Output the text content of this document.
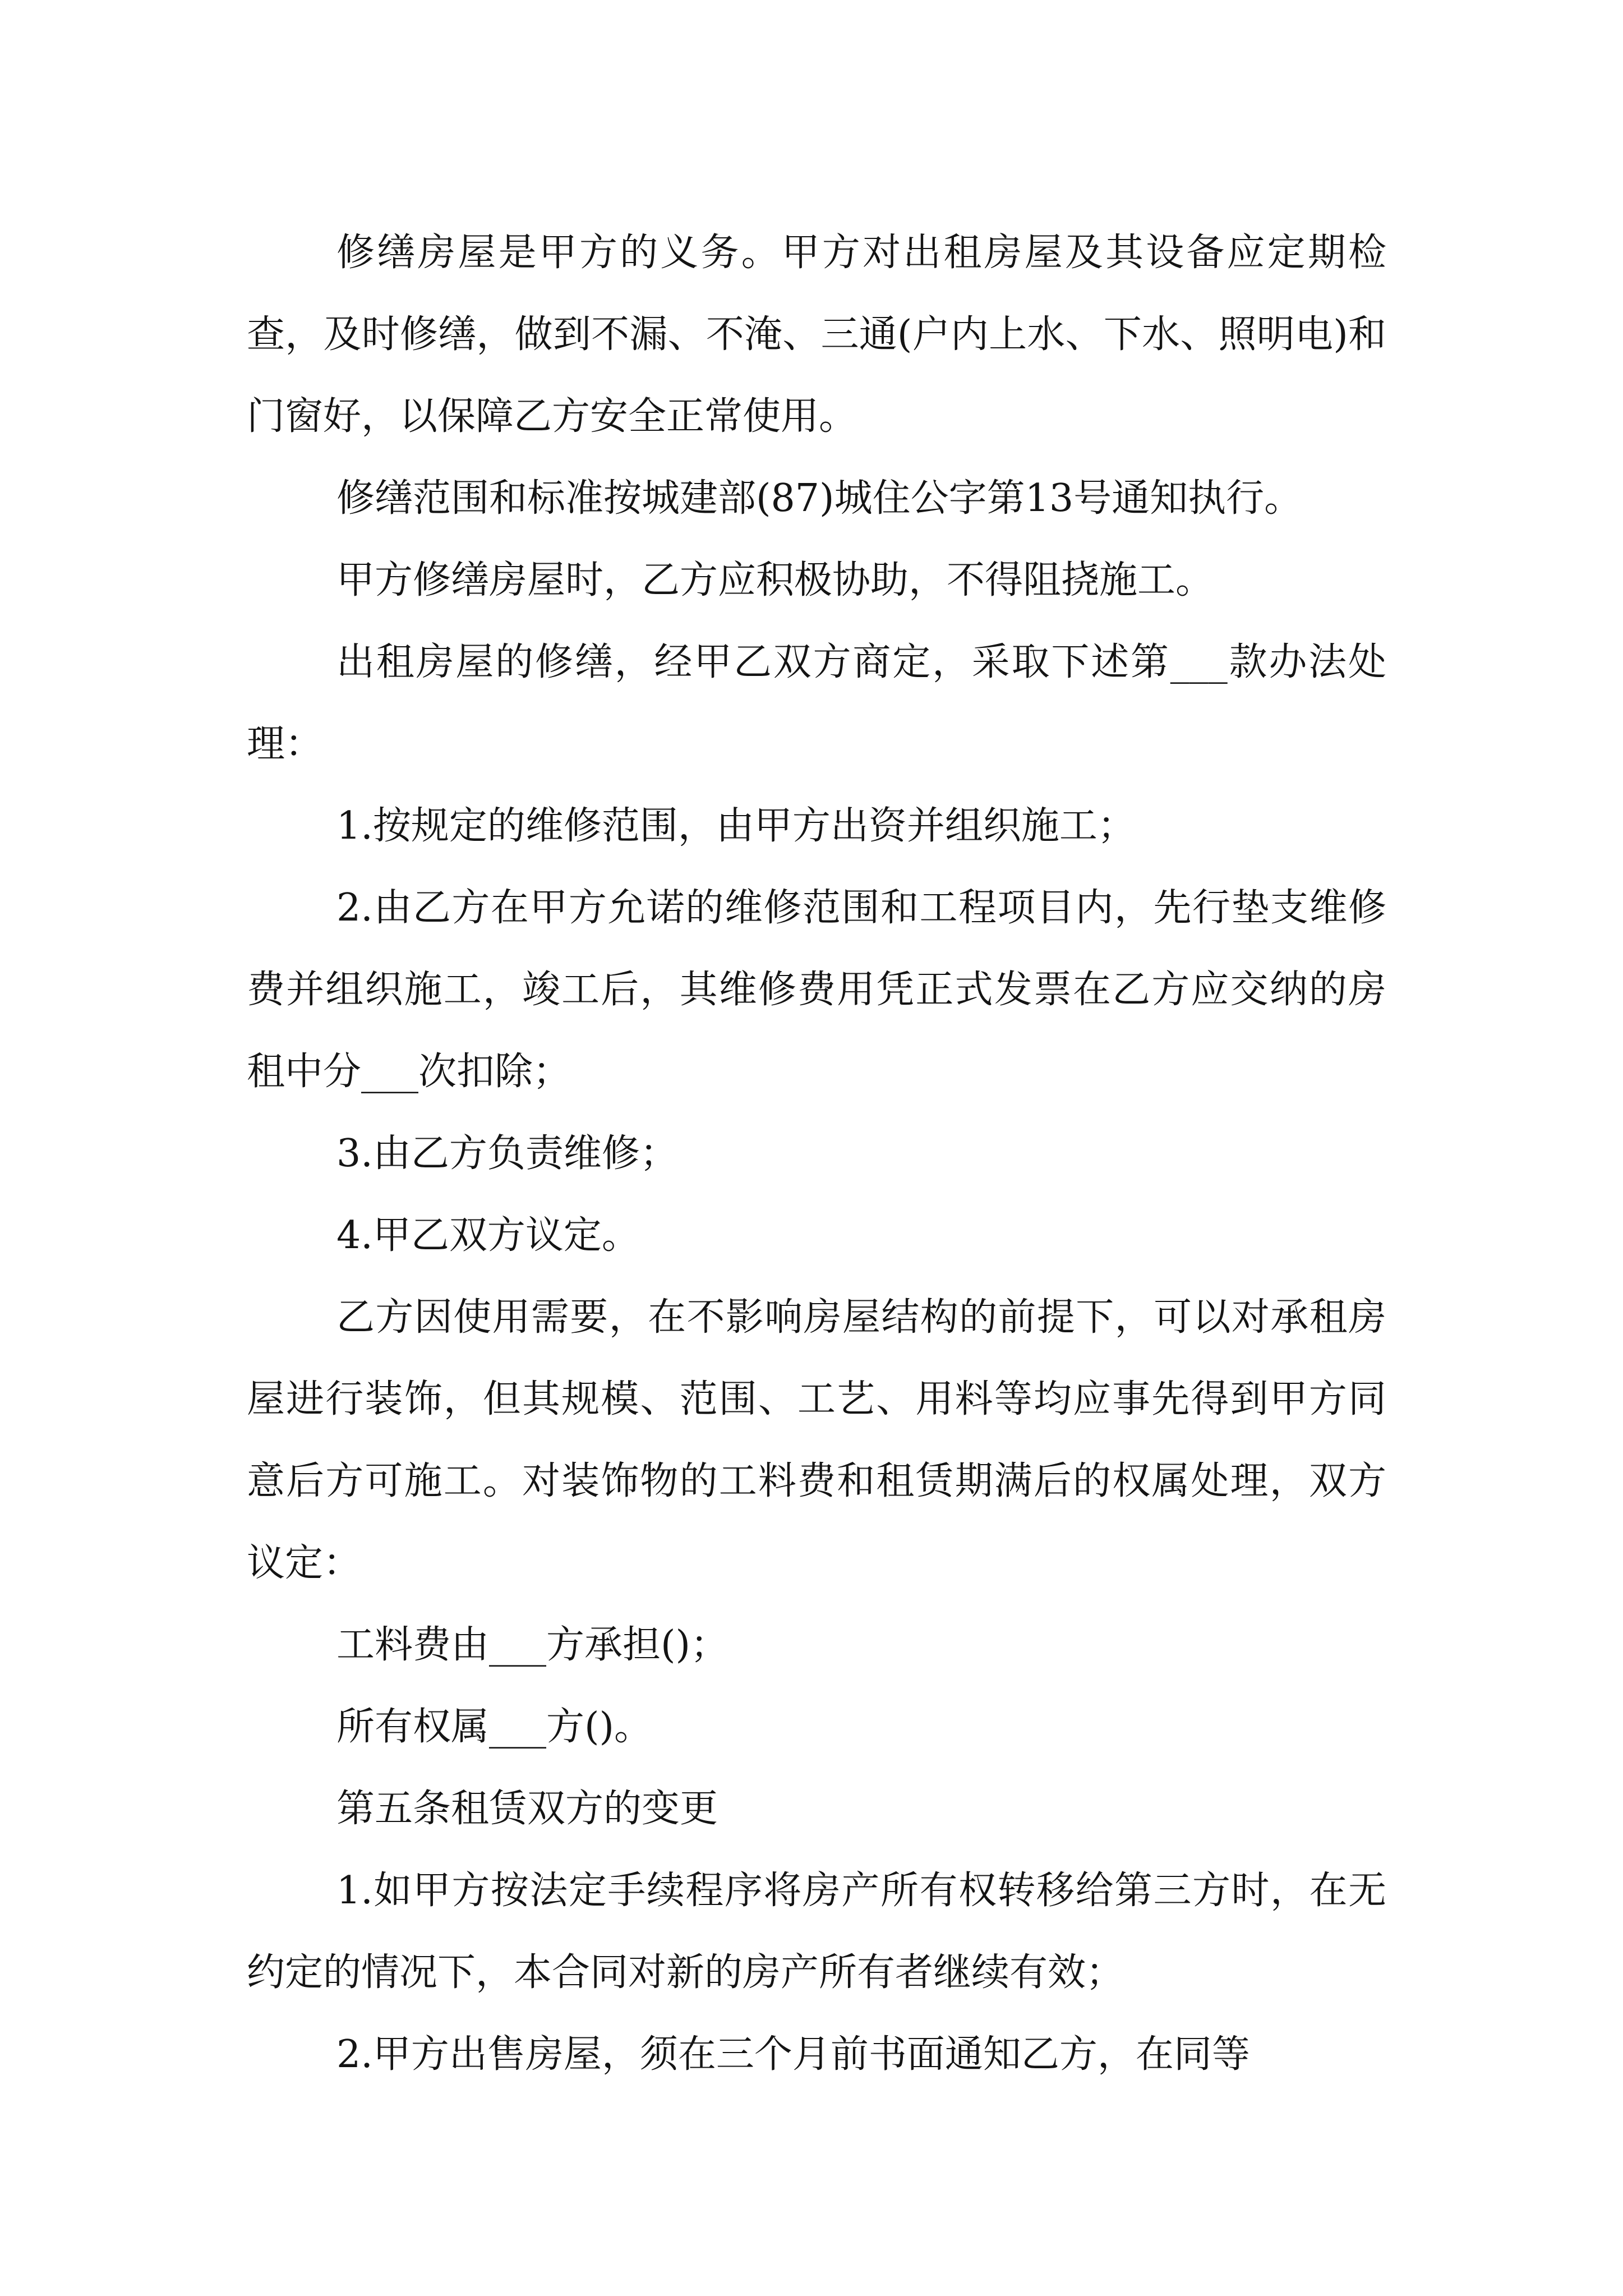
修缮房屋是甲方的义务。甲方对出租房屋及其设备应定期检查，及时修缮，做到不漏、不淹、三通(户内上水、下水、照明电)和门窗好，以保障乙方安全正常使用。

修缮范围和标准按城建部(87)城住公字第13号通知执行。

甲方修缮房屋时，乙方应积极协助，不得阻挠施工。

出租房屋的修缮，经甲乙双方商定，采取下述第___款办法处理：

1.按规定的维修范围，由甲方出资并组织施工；

2.由乙方在甲方允诺的维修范围和工程项目内，先行垫支维修费并组织施工，竣工后，其维修费用凭正式发票在乙方应交纳的房租中分___次扣除；

3.由乙方负责维修；

4.甲乙双方议定。

乙方因使用需要，在不影响房屋结构的前提下，可以对承租房屋进行装饰，但其规模、范围、工艺、用料等均应事先得到甲方同意后方可施工。对装饰物的工料费和租赁期满后的权属处理，双方议定：

工料费由___方承担()；

所有权属___方()。

第五条租赁双方的变更

1.如甲方按法定手续程序将房产所有权转移给第三方时，在无约定的情况下，本合同对新的房产所有者继续有效；

2.甲方出售房屋，须在三个月前书面通知乙方，在同等
